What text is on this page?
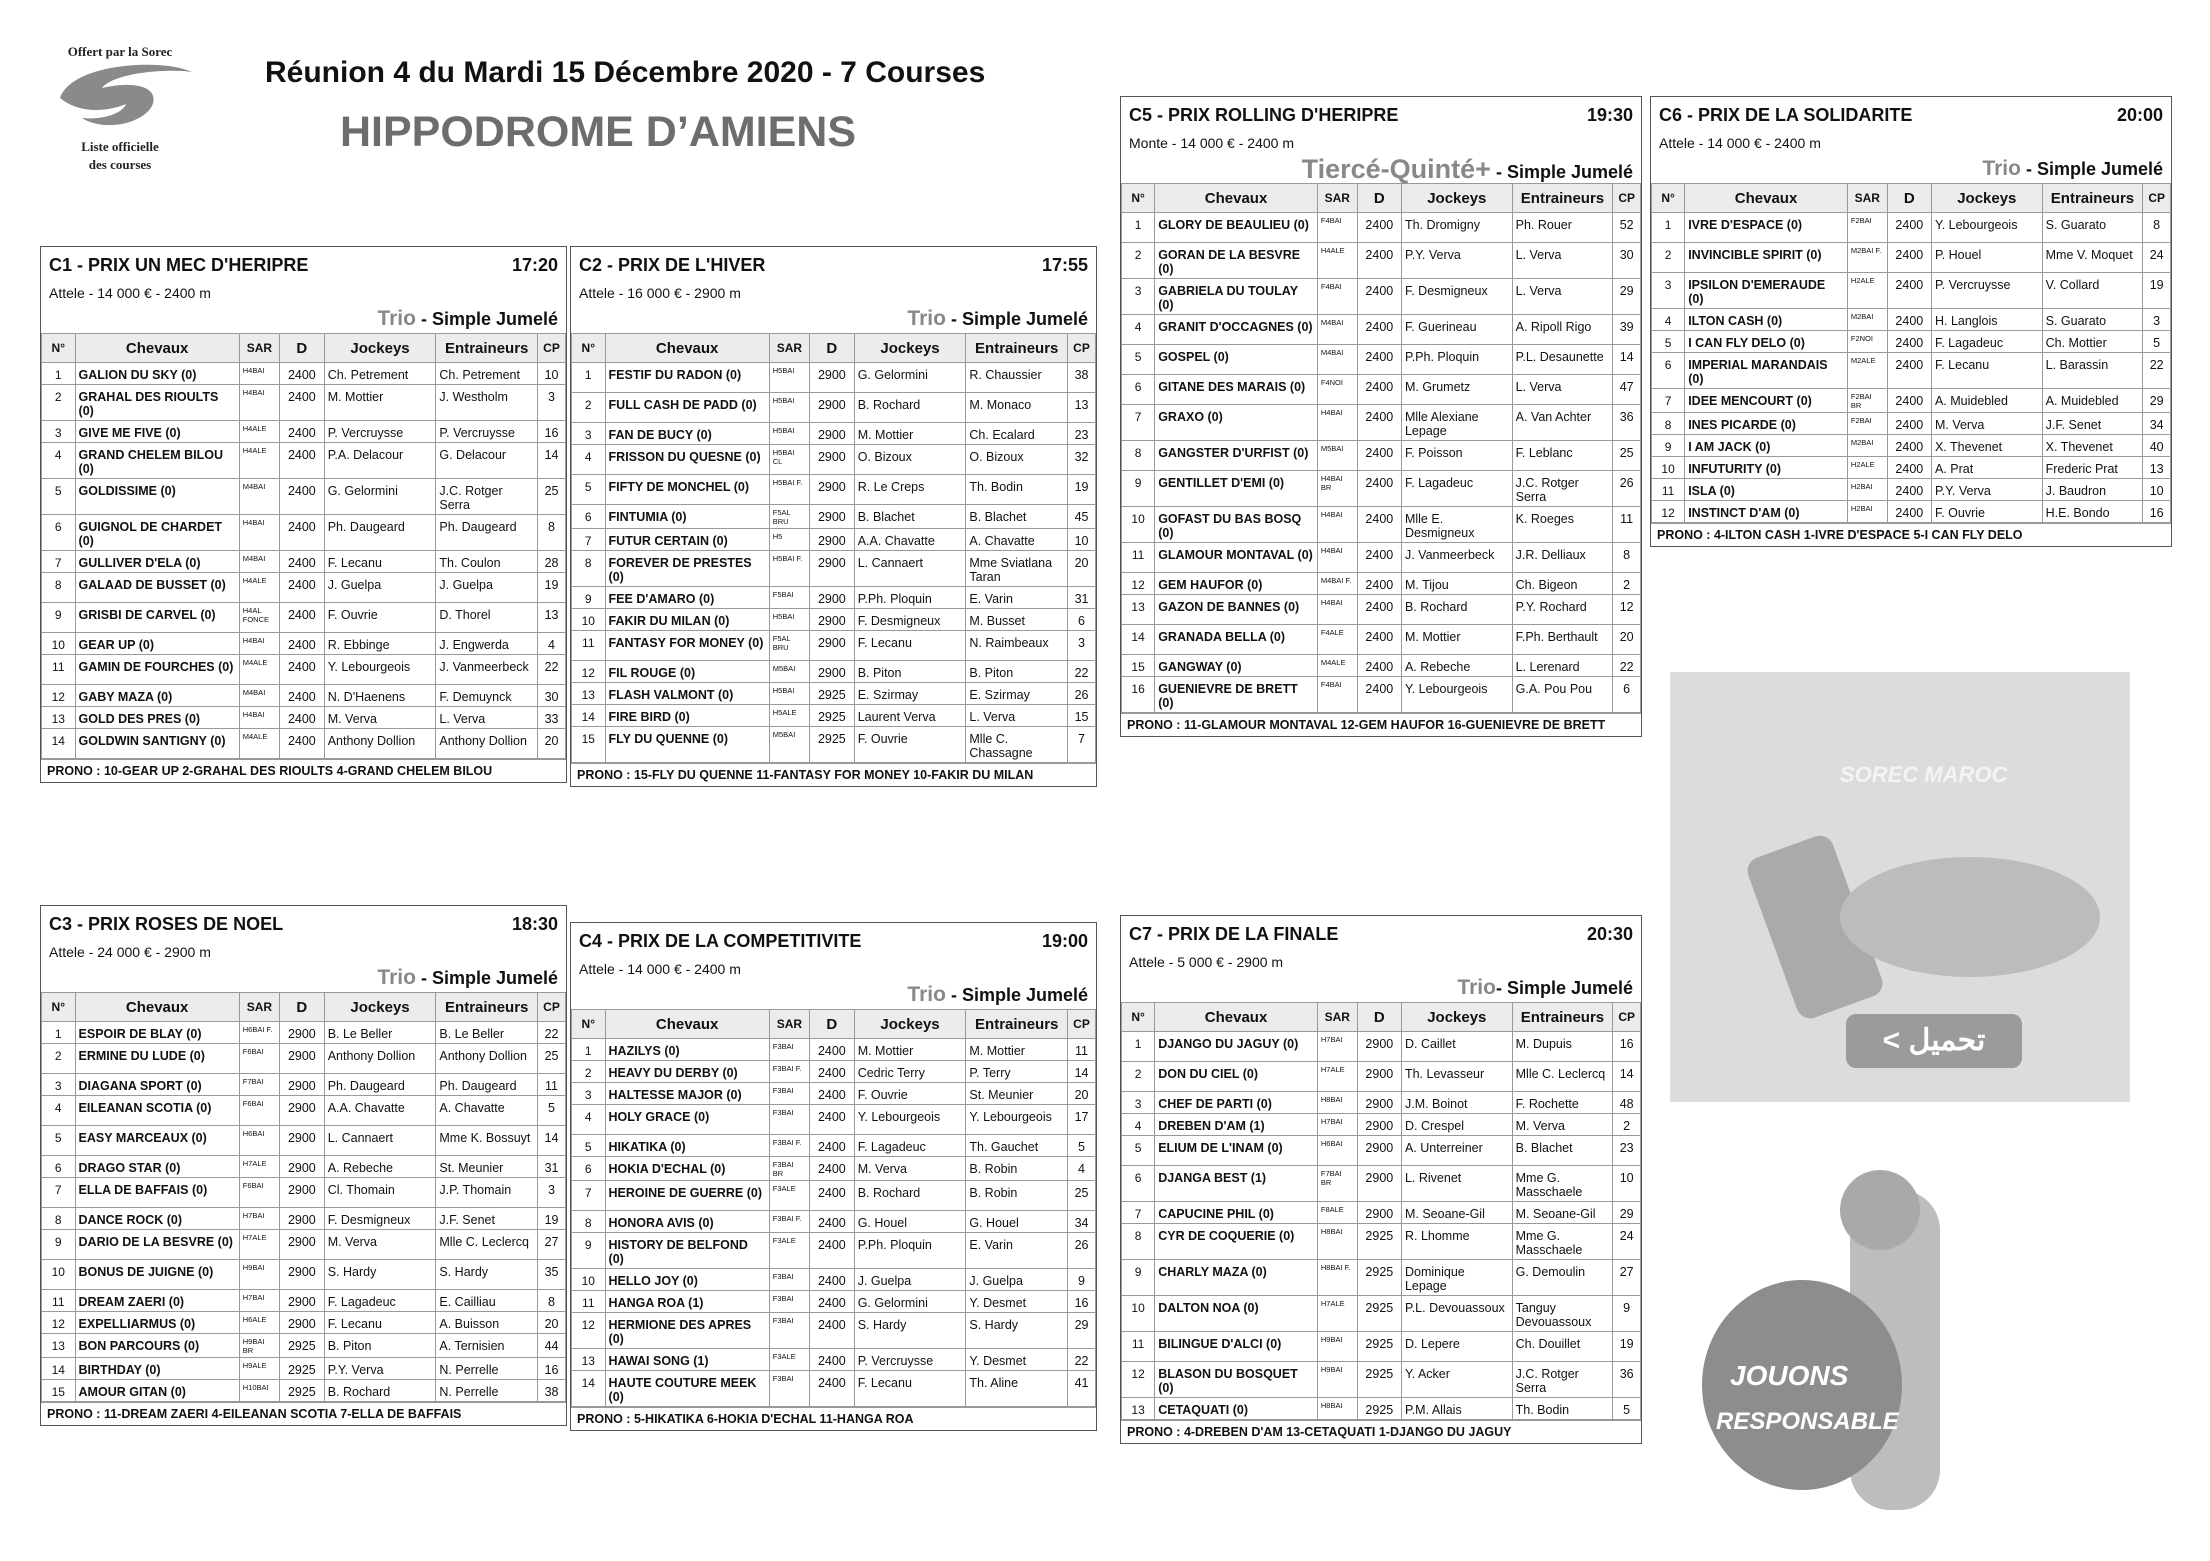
Offert par la Sorec
Liste officielle
des courses
Réunion 4 du Mardi 15 Décembre 2020 - 7 Courses
HIPPODROME D’AMIENS
C1 - PRIX UN MEC D'HERIPRE	17:20
Attele - 14 000 € - 2400 m
Trio - Simple Jumelé
N°	Chevaux	SAR	D	Jockeys	Entraineurs	CP
1	GALION DU SKY (0)	H4BAI	2400	Ch. Petrement	Ch. Petrement	10
2	GRAHAL DES RIOULTS (0)	H4BAI	2400	M. Mottier	J. Westholm	3
3	GIVE ME FIVE (0)	H4ALE	2400	P. Vercruysse	P. Vercruysse	16
4	GRAND CHELEM BILOU (0)	H4ALE	2400	P.A. Delacour	G. Delacour	14
5	GOLDISSIME (0)	M4BAI	2400	G. Gelormini	J.C. Rotger Serra	25
6	GUIGNOL DE CHARDET (0)	H4BAI	2400	Ph. Daugeard	Ph. Daugeard	8
7	GULLIVER D'ELA (0)	M4BAI	2400	F. Lecanu	Th. Coulon	28
8	GALAAD DE BUSSET (0)	H4ALE	2400	J. Guelpa	J. Guelpa	19
9	GRISBI DE CARVEL (0)	H4AL FONCE	2400	F. Ouvrie	D. Thorel	13
10	GEAR UP (0)	H4BAI	2400	R. Ebbinge	J. Engwerda	4
11	GAMIN DE FOURCHES (0)	M4ALE	2400	Y. Lebourgeois	J. Vanmeerbeck	22
12	GABY MAZA (0)	M4BAI	2400	N. D'Haenens	F. Demuynck	30
13	GOLD DES PRES (0)	H4BAI	2400	M. Verva	L. Verva	33
14	GOLDWIN SANTIGNY (0)	M4ALE	2400	Anthony Dollion	Anthony Dollion	20
PRONO : 10-GEAR UP 2-GRAHAL DES RIOULTS 4-GRAND CHELEM BILOU
C2 - PRIX DE L'HIVER	17:55
Attele - 16 000 € - 2900 m
Trio - Simple Jumelé
N°	Chevaux	SAR	D	Jockeys	Entraineurs	CP
1	FESTIF DU RADON (0)	H5BAI	2900	G. Gelormini	R. Chaussier	38
2	FULL CASH DE PADD (0)	H5BAI	2900	B. Rochard	M. Monaco	13
3	FAN DE BUCY (0)	H5BAI	2900	M. Mottier	Ch. Ecalard	23
4	FRISSON DU QUESNE (0)	H5BAI CL	2900	O. Bizoux	O. Bizoux	32
5	FIFTY DE MONCHEL (0)	H5BAI F.	2900	R. Le Creps	Th. Bodin	19
6	FINTUMIA (0)	F5AL BRU	2900	B. Blachet	B. Blachet	45
7	FUTUR CERTAIN (0)	H5	2900	A.A. Chavatte	A. Chavatte	10
8	FOREVER DE PRESTES (0)	H5BAI F.	2900	L. Cannaert	Mme Sviatlana Taran	20
9	FEE D'AMARO (0)	F5BAI	2900	P.Ph. Ploquin	E. Varin	31
10	FAKIR DU MILAN (0)	H5BAI	2900	F. Desmigneux	M. Busset	6
11	FANTASY FOR MONEY (0)	F5AL BRU	2900	F. Lecanu	N. Raimbeaux	3
12	FIL ROUGE (0)	M5BAI	2900	B. Piton	B. Piton	22
13	FLASH VALMONT (0)	H5BAI	2925	E. Szirmay	E. Szirmay	26
14	FIRE BIRD (0)	H5ALE	2925	Laurent Verva	L. Verva	15
15	FLY DU QUENNE (0)	M5BAI	2925	F. Ouvrie	Mlle C. Chassagne	7
PRONO : 15-FLY DU QUENNE 11-FANTASY FOR MONEY 10-FAKIR DU MILAN
C3 - PRIX ROSES DE NOEL	18:30
Attele - 24 000 € - 2900 m
Trio - Simple Jumelé
N°	Chevaux	SAR	D	Jockeys	Entraineurs	CP
1	ESPOIR DE BLAY (0)	H6BAI F.	2900	B. Le Beller	B. Le Beller	22
2	ERMINE DU LUDE (0)	F6BAI	2900	Anthony Dollion	Anthony Dollion	25
3	DIAGANA SPORT (0)	F7BAI	2900	Ph. Daugeard	Ph. Daugeard	11
4	EILEANAN SCOTIA (0)	F6BAI	2900	A.A. Chavatte	A. Chavatte	5
5	EASY MARCEAUX (0)	H6BAI	2900	L. Cannaert	Mme K. Bossuyt	14
6	DRAGO STAR (0)	H7ALE	2900	A. Rebeche	St. Meunier	31
7	ELLA DE BAFFAIS (0)	F6BAI	2900	Cl. Thomain	J.P. Thomain	3
8	DANCE ROCK (0)	H7BAI	2900	F. Desmigneux	J.F. Senet	19
9	DARIO DE LA BESVRE (0)	H7ALE	2900	M. Verva	Mlle C. Leclercq	27
10	BONUS DE JUIGNE (0)	H9BAI	2900	S. Hardy	S. Hardy	35
11	DREAM ZAERI (0)	H7BAI	2900	F. Lagadeuc	E. Cailliau	8
12	EXPELLIARMUS (0)	H6ALE	2900	F. Lecanu	A. Buisson	20
13	BON PARCOURS (0)	H9BAI BR	2925	B. Piton	A. Ternisien	44
14	BIRTHDAY (0)	H9ALE	2925	P.Y. Verva	N. Perrelle	16
15	AMOUR GITAN (0)	H10BAI	2925	B. Rochard	N. Perrelle	38
PRONO : 11-DREAM ZAERI 4-EILEANAN SCOTIA 7-ELLA DE BAFFAIS
C4 - PRIX DE LA COMPETITIVITE	19:00
Attele - 14 000 € - 2400 m
Trio - Simple Jumelé
N°	Chevaux	SAR	D	Jockeys	Entraineurs	CP
1	HAZILYS (0)	F3BAI	2400	M. Mottier	M. Mottier	11
2	HEAVY DU DERBY (0)	F3BAI F.	2400	Cedric Terry	P. Terry	14
3	HALTESSE MAJOR (0)	F3BAI	2400	F. Ouvrie	St. Meunier	20
4	HOLY GRACE (0)	F3BAI	2400	Y. Lebourgeois	Y. Lebourgeois	17
5	HIKATIKA (0)	F3BAI F.	2400	F. Lagadeuc	Th. Gauchet	5
6	HOKIA D'ECHAL (0)	F3BAI BR	2400	M. Verva	B. Robin	4
7	HEROINE DE GUERRE (0)	F3ALE	2400	B. Rochard	B. Robin	25
8	HONORA AVIS (0)	F3BAI F.	2400	G. Houel	G. Houel	34
9	HISTORY DE BELFOND (0)	F3ALE	2400	P.Ph. Ploquin	E. Varin	26
10	HELLO JOY (0)	F3BAI	2400	J. Guelpa	J. Guelpa	9
11	HANGA ROA (1)	F3BAI	2400	G. Gelormini	Y. Desmet	16
12	HERMIONE DES APRES (0)	F3BAI	2400	S. Hardy	S. Hardy	29
13	HAWAI SONG (1)	F3ALE	2400	P. Vercruysse	Y. Desmet	22
14	HAUTE COUTURE MEEK (0)	F3BAI	2400	F. Lecanu	Th. Aline	41
PRONO : 5-HIKATIKA 6-HOKIA D'ECHAL 11-HANGA ROA
C5 - PRIX ROLLING D'HERIPRE	19:30
Monte - 14 000 € - 2400 m
Tiercé-Quinté+ - Simple Jumelé
N°	Chevaux	SAR	D	Jockeys	Entraineurs	CP
1	GLORY DE BEAULIEU (0)	F4BAI	2400	Th. Dromigny	Ph. Rouer	52
2	GORAN DE LA BESVRE (0)	H4ALE	2400	P.Y. Verva	L. Verva	30
3	GABRIELA DU TOULAY (0)	F4BAI	2400	F. Desmigneux	L. Verva	29
4	GRANIT D'OCCAGNES (0)	M4BAI	2400	F. Guerineau	A. Ripoll Rigo	39
5	GOSPEL (0)	M4BAI	2400	P.Ph. Ploquin	P.L. Desaunette	14
6	GITANE DES MARAIS (0)	F4NOI	2400	M. Grumetz	L. Verva	47
7	GRAXO (0)	H4BAI	2400	Mlle Alexiane Lepage	A. Van Achter	36
8	GANGSTER D'URFIST (0)	M5BAI	2400	F. Poisson	F. Leblanc	25
9	GENTILLET D'EMI (0)	H4BAI BR	2400	F. Lagadeuc	J.C. Rotger Serra	26
10	GOFAST DU BAS BOSQ (0)	H4BAI	2400	Mlle E. Desmigneux	K. Roeges	11
11	GLAMOUR MONTAVAL (0)	H4BAI	2400	J. Vanmeerbeck	J.R. Delliaux	8
12	GEM HAUFOR (0)	M4BAI F.	2400	M. Tijou	Ch. Bigeon	2
13	GAZON DE BANNES (0)	H4BAI	2400	B. Rochard	P.Y. Rochard	12
14	GRANADA BELLA (0)	F4ALE	2400	M. Mottier	F.Ph. Berthault	20
15	GANGWAY (0)	M4ALE	2400	A. Rebeche	L. Lerenard	22
16	GUENIEVRE DE BRETT (0)	F4BAI	2400	Y. Lebourgeois	G.A. Pou Pou	6
PRONO : 11-GLAMOUR MONTAVAL 12-GEM HAUFOR 16-GUENIEVRE DE BRETT
C6 - PRIX DE LA SOLIDARITE	20:00
Attele - 14 000 € - 2400 m
Trio - Simple Jumelé
N°	Chevaux	SAR	D	Jockeys	Entraineurs	CP
1	IVRE D'ESPACE (0)	F2BAI	2400	Y. Lebourgeois	S. Guarato	8
2	INVINCIBLE SPIRIT (0)	M2BAI F.	2400	P. Houel	Mme V. Moquet	24
3	IPSILON D'EMERAUDE (0)	H2ALE	2400	P. Vercruysse	V. Collard	19
4	ILTON CASH (0)	M2BAI	2400	H. Langlois	S. Guarato	3
5	I CAN FLY DELO (0)	F2NOI	2400	F. Lagadeuc	Ch. Mottier	5
6	IMPERIAL MARANDAIS (0)	M2ALE	2400	F. Lecanu	L. Barassin	22
7	IDEE MENCOURT (0)	F2BAI BR	2400	A. Muidebled	A. Muidebled	29
8	INES PICARDE (0)	F2BAI	2400	M. Verva	J.F. Senet	34
9	I AM JACK (0)	M2BAI	2400	X. Thevenet	X. Thevenet	40
10	INFUTURITY (0)	H2ALE	2400	A. Prat	Frederic Prat	13
11	ISLA (0)	H2BAI	2400	P.Y. Verva	J. Baudron	10
12	INSTINCT D'AM (0)	H2BAI	2400	F. Ouvrie	H.E. Bondo	16
PRONO : 4-ILTON CASH 1-IVRE D'ESPACE 5-I CAN FLY DELO
C7 - PRIX DE LA FINALE	20:30
Attele - 5 000 € - 2900 m
Trio- Simple Jumelé
N°	Chevaux	SAR	D	Jockeys	Entraineurs	CP
1	DJANGO DU JAGUY (0)	H7BAI	2900	D. Caillet	M. Dupuis	16
2	DON DU CIEL (0)	H7ALE	2900	Th. Levasseur	Mlle C. Leclercq	14
3	CHEF DE PARTI (0)	H8BAI	2900	J.M. Boinot	F. Rochette	48
4	DREBEN D'AM (1)	H7BAI	2900	D. Crespel	M. Verva	2
5	ELIUM DE L'INAM (0)	H6BAI	2900	A. Unterreiner	B. Blachet	23
6	DJANGA BEST (1)	F7BAI BR	2900	L. Rivenet	Mme G. Masschaele	10
7	CAPUCINE PHIL (0)	F8ALE	2900	M. Seoane-Gil	M. Seoane-Gil	29
8	CYR DE COQUERIE (0)	H8BAI	2925	R. Lhomme	Mme G. Masschaele	24
9	CHARLY MAZA (0)	H8BAI F.	2925	Dominique Lepage	G. Demoulin	27
10	DALTON NOA (0)	H7ALE	2925	P.L. Devouassoux	Tanguy Devouassoux	9
11	BILINGUE D'ALCI (0)	H9BAI	2925	D. Lepere	Ch. Douillet	19
12	BLASON DU BOSQUET (0)	H9BAI	2925	Y. Acker	J.C. Rotger Serra	36
13	CETAQUATI (0)	H8BAI	2925	P.M. Allais	Th. Bodin	5
PRONO : 4-DREBEN D'AM 13-CETAQUATI 1-DJANGO DU JAGUY
SOREC MAROC
< تحميل
JOUONS
RESPONSABLE
